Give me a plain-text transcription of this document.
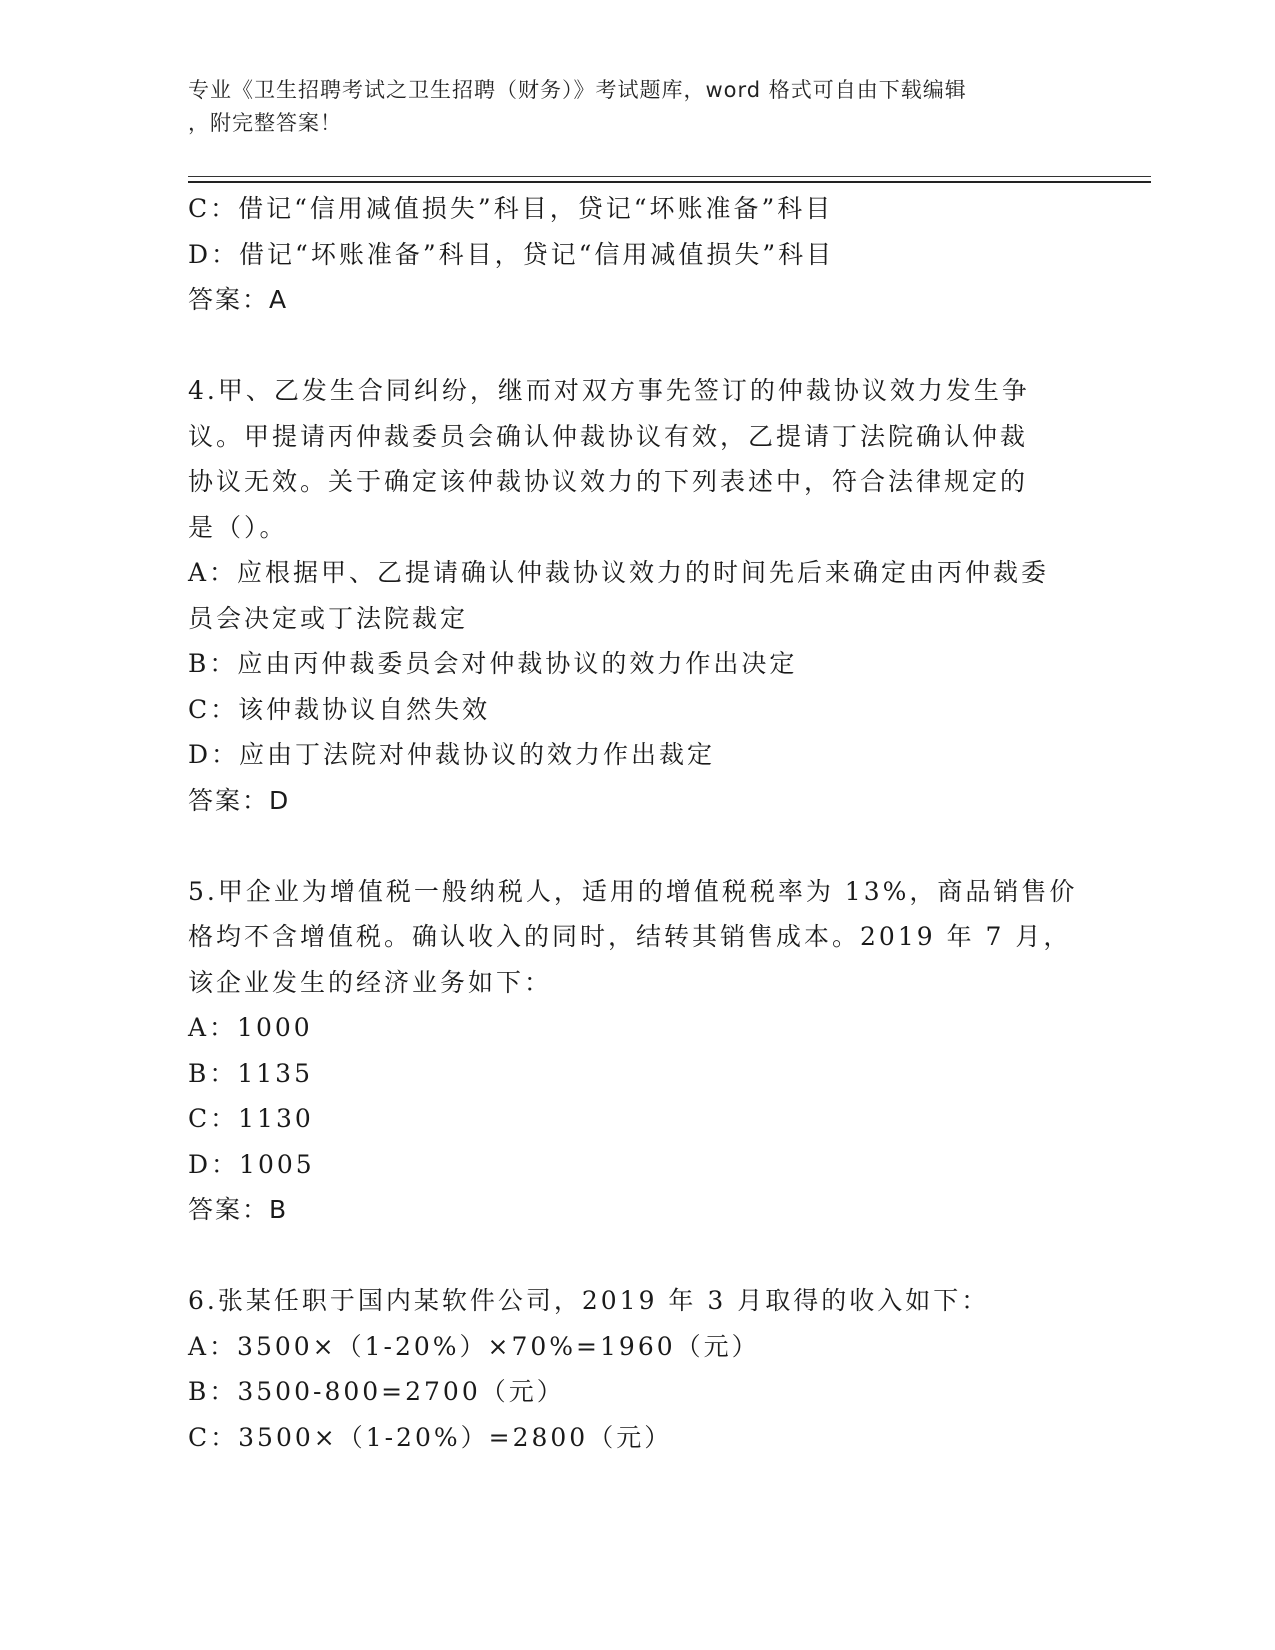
专业《卫生招聘考试之卫生招聘（财务）》考试题库，word 格式可自由下载编辑
，附完整答案！
C：借记“信用减值损失”科目，贷记“坏账准备”科目
D：借记“坏账准备”科目，贷记“信用减值损失”科目
答案：A
4.甲、乙发生合同纠纷，继而对双方事先签订的仲裁协议效力发生争
议。甲提请丙仲裁委员会确认仲裁协议有效，乙提请丁法院确认仲裁
协议无效。关于确定该仲裁协议效力的下列表述中，符合法律规定的
是（）。
A：应根据甲、乙提请确认仲裁协议效力的时间先后来确定由丙仲裁委
员会决定或丁法院裁定
B：应由丙仲裁委员会对仲裁协议的效力作出决定
C：该仲裁协议自然失效
D：应由丁法院对仲裁协议的效力作出裁定
答案：D
5.甲企业为增值税一般纳税人，适用的增值税税率为 13%，商品销售价
格均不含增值税。确认收入的同时，结转其销售成本。2019 年 7 月，
该企业发生的经济业务如下：
A：1000
B：1135
C：1130
D：1005
答案：B
6.张某任职于国内某软件公司，2019 年 3 月取得的收入如下：
A：3500×（1-20%）×70%=1960（元）
B：3500-800=2700（元）
C：3500×（1-20%）=2800（元）
